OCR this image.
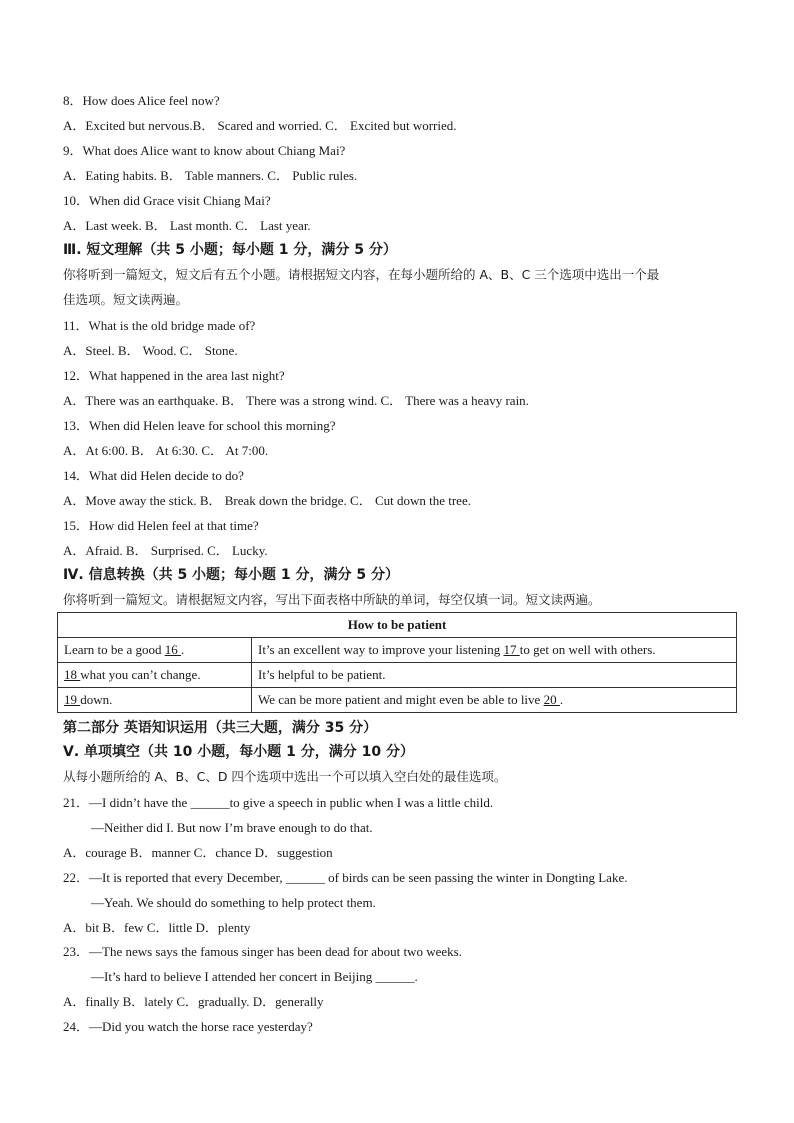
8．How does Alice feel now?
A．Excited but nervous.B． Scared and worried. C． Excited but worried.
9．What does Alice want to know about Chiang Mai?
A．Eating habits. B． Table manners. C． Public rules.
10．When did Grace visit Chiang Mai?
A．Last week. B． Last month. C． Last year.
Ⅲ. 短文理解（共 5 小题；每小题 1 分，满分 5 分）
你将听到一篇短文，短文后有五个小题。请根据短文内容，在每小题所给的 A、B、C 三个选项中选出一个最
佳选项。短文读两遍。
11．What is the old bridge made of?
A．Steel. B． Wood. C． Stone.
12．What happened in the area last night?
A．There was an earthquake. B． There was a strong wind. C． There was a heavy rain.
13．When did Helen leave for school this morning?
A．At 6:00. B． At 6:30. C． At 7:00.
14．What did Helen decide to do?
A．Move away the stick. B． Break down the bridge. C． Cut down the tree.
15．How did Helen feel at that time?
A．Afraid. B． Surprised. C． Lucky.
Ⅳ. 信息转换（共 5 小题；每小题 1 分，满分 5 分）
你将听到一篇短文。请根据短文内容，写出下面表格中所缺的单词，每空仅填一词。短文读两遍。
How to be patient	
Learn to be a good 16 .	It’s an excellent way to improve your listening 17 to get on well with others.
18 what you can’t change.	It’s helpful to be patient.
19 down.	We can be more patient and might even be able to live 20 .
第二部分 英语知识运用（共三大题，满分 35 分）
Ⅴ. 单项填空（共 10 小题，每小题 1 分，满分 10 分）
从每小题所给的 A、B、C、D 四个选项中选出一个可以填入空白处的最佳选项。
21．—I didn’t have the ______to give a speech in public when I was a little child.
—Neither did I. But now I’m brave enough to do that.
A．courage B．manner C．chance D．suggestion
22．—It is reported that every December, ______ of birds can be seen passing the winter in Dongting Lake.
—Yeah. We should do something to help protect them.
A．bit B．few C．little D．plenty
23．—The news says the famous singer has been dead for about two weeks.
—It’s hard to believe I attended her concert in Beijing ______.
A．finally B．lately C．gradually. D．generally
24．—Did you watch the horse race yesterday?
